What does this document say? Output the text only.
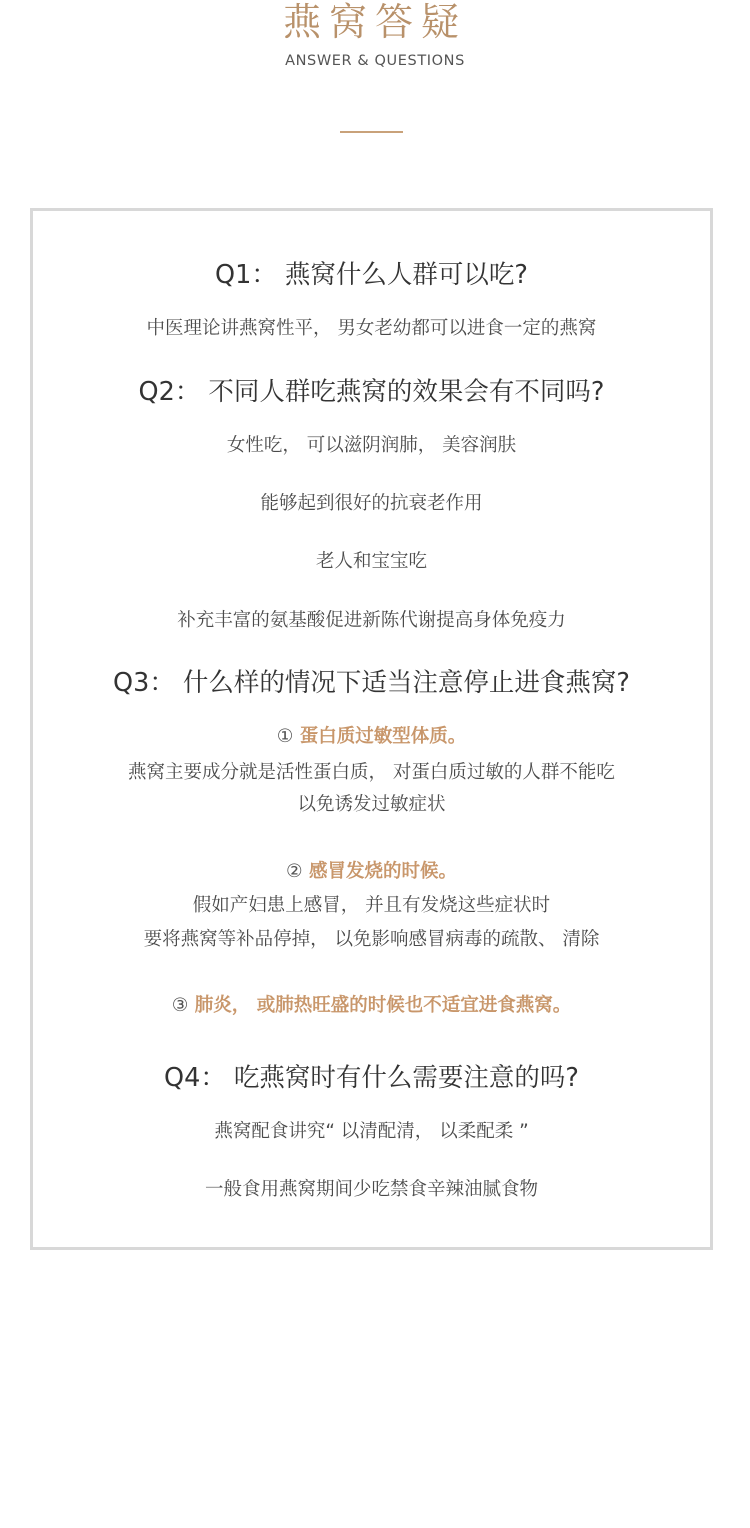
燕窝答疑
ANSWER & QUESTIONS
Q1： 燕窝什么人群可以吃?
中医理论讲燕窝性平， 男女老幼都可以进食一定的燕窝
Q2： 不同人群吃燕窝的效果会有不同吗?
女性吃， 可以滋阴润肺， 美容润肤
能够起到很好的抗衰老作用
老人和宝宝吃
补充丰富的氨基酸促进新陈代谢提高身体免疫力
Q3： 什么样的情况下适当注意停止进食燕窝?
① 蛋白质过敏型体质。
燕窝主要成分就是活性蛋白质， 对蛋白质过敏的人群不能吃
以免诱发过敏症状
② 感冒发烧的时候。
假如产妇患上感冒， 并且有发烧这些症状时
要将燕窝等补品停掉， 以免影响感冒病毒的疏散、 清除
③ 肺炎， 或肺热旺盛的时候也不适宜进食燕窝。
Q4： 吃燕窝时有什么需要注意的吗?
燕窝配食讲究“ 以清配清， 以柔配柔 ”
一般食用燕窝期间少吃禁食辛辣油腻食物
